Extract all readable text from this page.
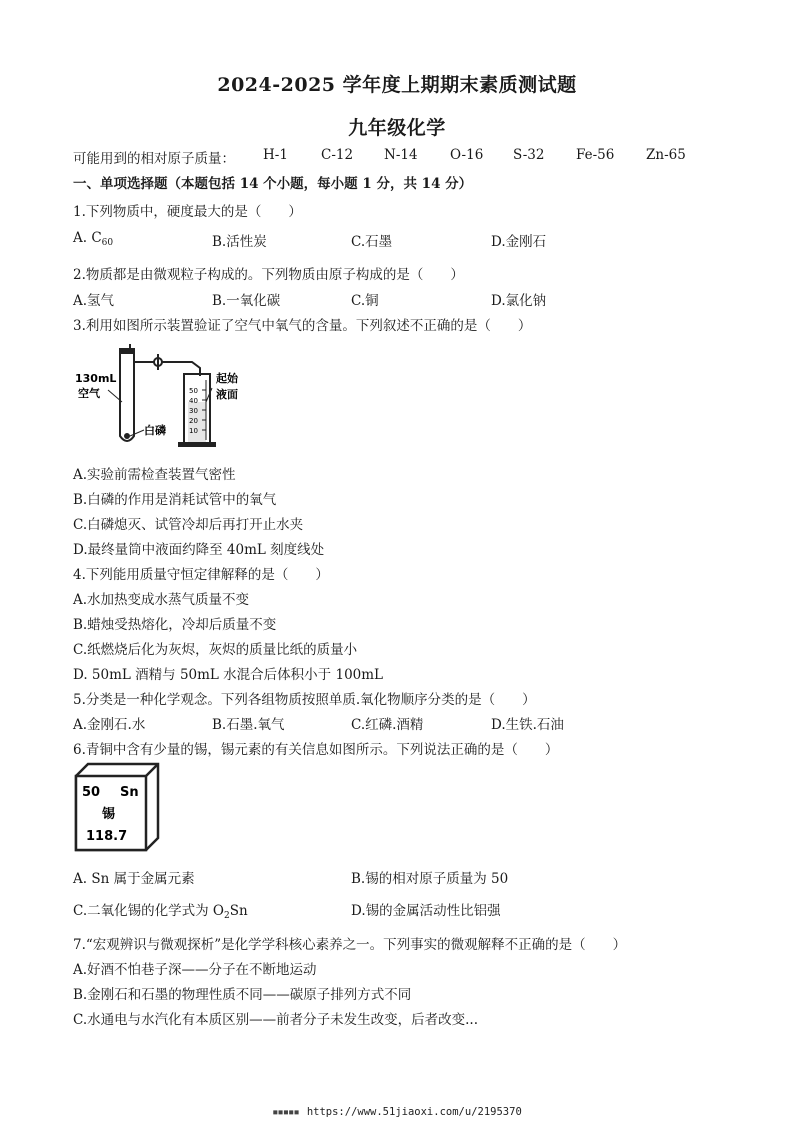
2024-2025 学年度上期期末素质测试题
九年级化学
可能用到的相对原子质量： H-1 C-12 N-14 O-16 S-32 Fe-56 Zn-65
一、单项选择题（本题包括 14 个小题，每小题 1 分，共 14 分）
1.下列物质中，硬度最大的是（　　）
A. $C_{60}$	B.活性炭	C.石墨	D.金刚石
2.物质都是由微观粒子构成的。下列物质由原子构成的是（　　）
A.氢气	B.一氧化碳	C.铜	D.氯化钠
3.利用如图所示装置验证了空气中氧气的含量。下列叙述不正确的是（　　）
50
40
30
20
10
130mL
空气
白磷
起始
液面
A.实验前需检查装置气密性
B.白磷的作用是消耗试管中的氧气
C.白磷熄灭、试管冷却后再打开止水夹
D.最终量筒中液面约降至 40mL 刻度线处
4.下列能用质量守恒定律解释的是（　　）
A.水加热变成水蒸气质量不变
B.蜡烛受热熔化，冷却后质量不变
C.纸燃烧后化为灰烬，灰烬的质量比纸的质量小
D. 50mL 酒精与 50mL 水混合后体积小于 100mL
5.分类是一种化学观念。下列各组物质按照单质.氧化物顺序分类的是（　　）
A.金刚石.水	B.石墨.氧气	C.红磷.酒精	D.生铁.石油
6.青铜中含有少量的锡，锡元素的有关信息如图所示。下列说法正确的是（　　）
50 Sn
锡
118.7
A. Sn 属于金属元素	B.锡的相对原子质量为 50
C.二氧化锡的化学式为 $O_2Sn$	D.锡的金属活动性比铝强
7.“宏观辨识与微观探析”是化学学科核心素养之一。下列事实的微观解释不正确的是（　　）
A.好酒不怕巷子深——分子在不断地运动
B.金刚石和石墨的物理性质不同——碳原子排列方式不同
C.水通电与水汽化有本质区别——前者分子未发生改变，后者改变...
▪▪▪▪▪ https://www.51jiaoxi.com/u/2195370
